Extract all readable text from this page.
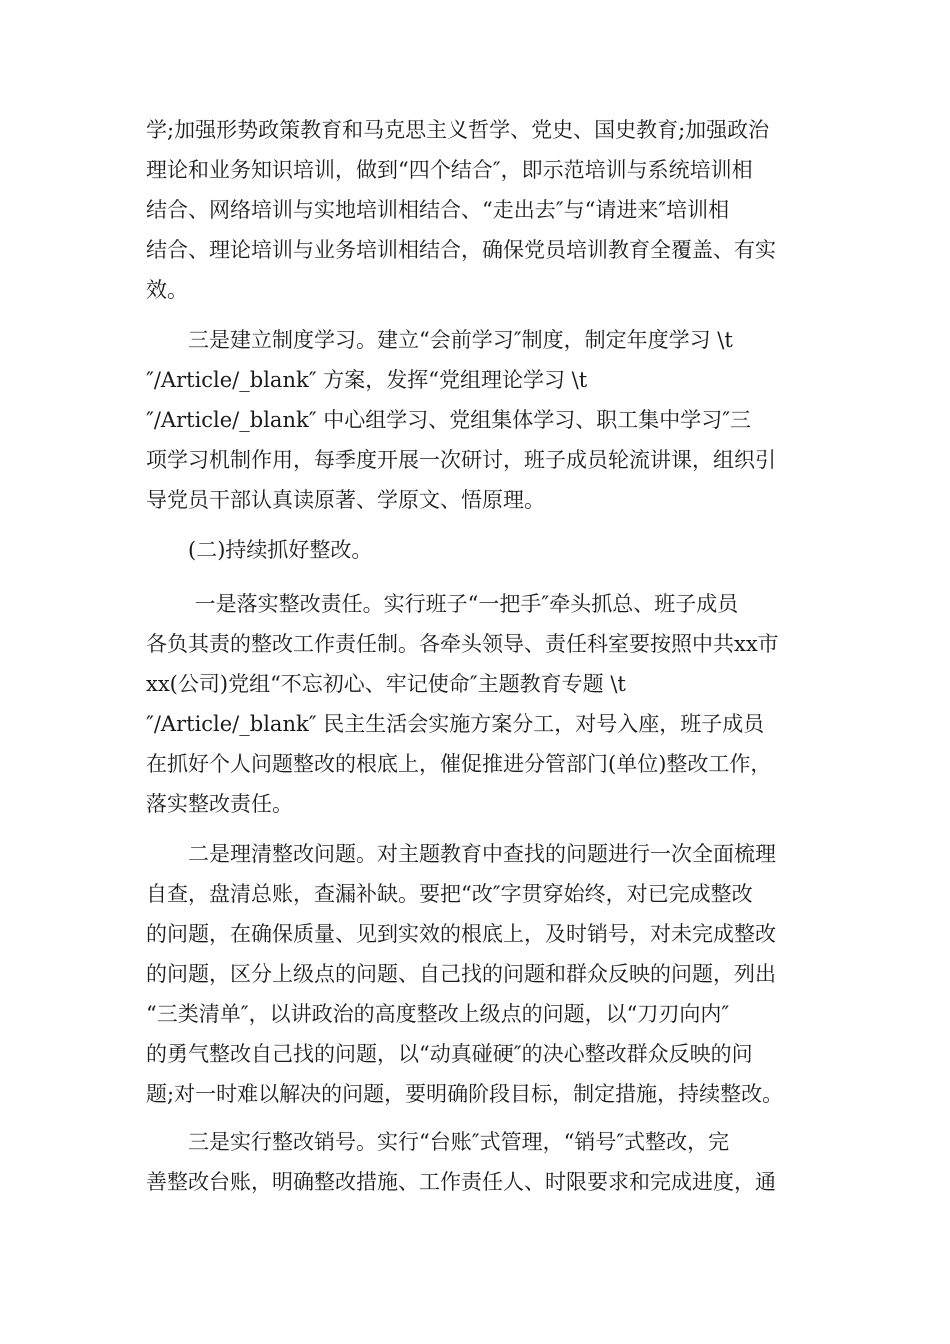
学;加强形势政策教育和马克思主义哲学、党史、国史教育;加强政治
理论和业务知识培训，做到“四个结合″，即示范培训与系统培训相
结合、网络培训与实地培训相结合、“走出去″与“请进来″培训相
结合、理论培训与业务培训相结合，确保党员培训教育全覆盖、有实
效。

　　三是建立制度学习。建立“会前学习″制度，制定年度学习 \t
″/Article/_blank″ 方案，发挥“党组理论学习 \t
″/Article/_blank″ 中心组学习、党组集体学习、职工集中学习″三
项学习机制作用，每季度开展一次研讨，班子成员轮流讲课，组织引
导党员干部认真读原著、学原文、悟原理。

　　(二)持续抓好整改。

　　 一是落实整改责任。实行班子“一把手″牵头抓总、班子成员
各负其责的整改工作责任制。各牵头领导、责任科室要按照中共xx市
xx(公司)党组“不忘初心、牢记使命″主题教育专题 \t
″/Article/_blank″ 民主生活会实施方案分工，对号入座，班子成员
在抓好个人问题整改的根底上，催促推进分管部门(单位)整改工作，
落实整改责任。

　　二是理清整改问题。对主题教育中查找的问题进行一次全面梳理
自查，盘清总账，查漏补缺。要把“改″字贯穿始终，对已完成整改
的问题，在确保质量、见到实效的根底上，及时销号，对未完成整改
的问题，区分上级点的问题、自己找的问题和群众反映的问题，列出
“三类清单″，以讲政治的高度整改上级点的问题，以“刀刃向内″
的勇气整改自己找的问题，以“动真碰硬″的决心整改群众反映的问
题;对一时难以解决的问题，要明确阶段目标，制定措施，持续整改。

　　三是实行整改销号。实行“台账″式管理，“销号″式整改，完
善整改台账，明确整改措施、工作责任人、时限要求和完成进度，通
